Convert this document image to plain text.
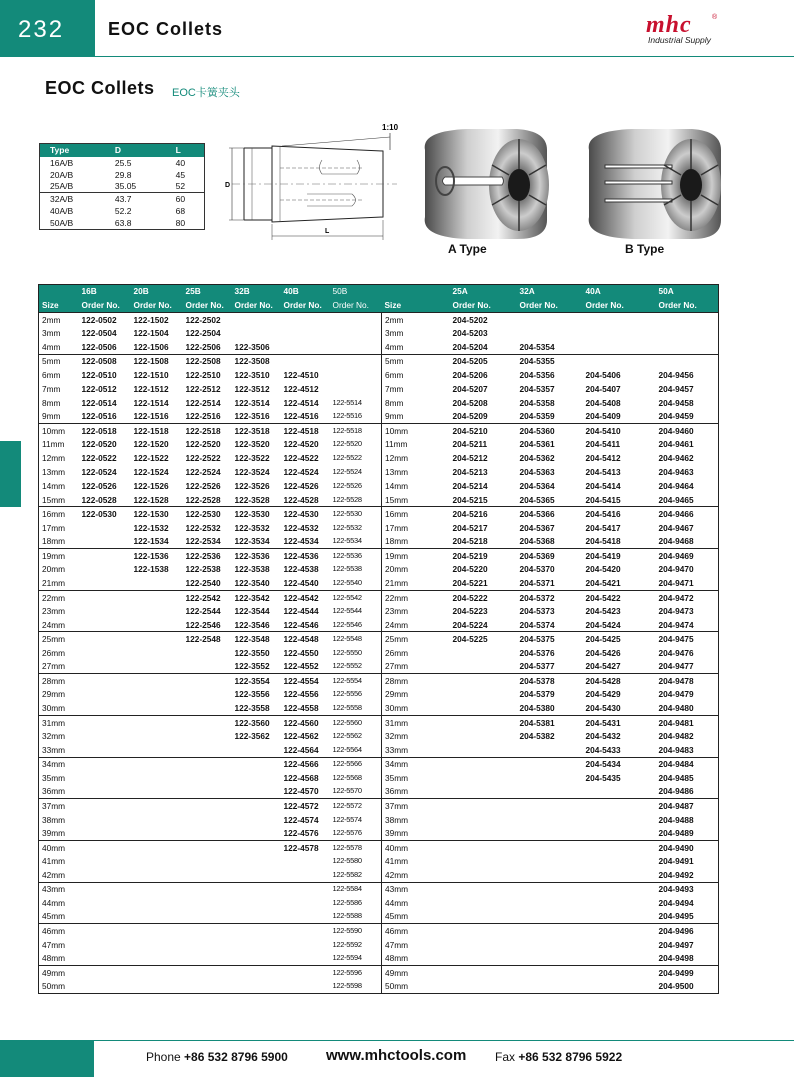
232 EOC Collets	mhc	®
Industrial Supply
EOC Collets EOC卡簧夹头
Type	D	L
16A/B	25.5	40
20A/B	29.8	45
25A/B	35.05	52
32A/B	43.7	60
40A/B	52.2	68
50A/B	63.8	80
1:10
D
L
A Type	B Type
	16B	20B	25B	32B	40B	50B		25A	32A	40A	50A
Size	Order No.	Order No.	Order No.	Order No.	Order No.	Order No.	Size	Order No.	Order No.	Order No.	Order No.
2mm	122-0502	122-1502	122-2502				2mm	204-5202			
3mm	122-0504	122-1504	122-2504				3mm	204-5203			
4mm	122-0506	122-1506	122-2506	122-3506			4mm	204-5204	204-5354		
5mm	122-0508	122-1508	122-2508	122-3508			5mm	204-5205	204-5355		
6mm	122-0510	122-1510	122-2510	122-3510	122-4510		6mm	204-5206	204-5356	204-5406	204-9456
7mm	122-0512	122-1512	122-2512	122-3512	122-4512		7mm	204-5207	204-5357	204-5407	204-9457
8mm	122-0514	122-1514	122-2514	122-3514	122-4514	122-5514	8mm	204-5208	204-5358	204-5408	204-9458
9mm	122-0516	122-1516	122-2516	122-3516	122-4516	122-5516	9mm	204-5209	204-5359	204-5409	204-9459
10mm	122-0518	122-1518	122-2518	122-3518	122-4518	122-5518	10mm	204-5210	204-5360	204-5410	204-9460
11mm	122-0520	122-1520	122-2520	122-3520	122-4520	122-5520	11mm	204-5211	204-5361	204-5411	204-9461
12mm	122-0522	122-1522	122-2522	122-3522	122-4522	122-5522	12mm	204-5212	204-5362	204-5412	204-9462
13mm	122-0524	122-1524	122-2524	122-3524	122-4524	122-5524	13mm	204-5213	204-5363	204-5413	204-9463
14mm	122-0526	122-1526	122-2526	122-3526	122-4526	122-5526	14mm	204-5214	204-5364	204-5414	204-9464
15mm	122-0528	122-1528	122-2528	122-3528	122-4528	122-5528	15mm	204-5215	204-5365	204-5415	204-9465
16mm	122-0530	122-1530	122-2530	122-3530	122-4530	122-5530	16mm	204-5216	204-5366	204-5416	204-9466
17mm		122-1532	122-2532	122-3532	122-4532	122-5532	17mm	204-5217	204-5367	204-5417	204-9467
18mm		122-1534	122-2534	122-3534	122-4534	122-5534	18mm	204-5218	204-5368	204-5418	204-9468
19mm		122-1536	122-2536	122-3536	122-4536	122-5536	19mm	204-5219	204-5369	204-5419	204-9469
20mm		122-1538	122-2538	122-3538	122-4538	122-5538	20mm	204-5220	204-5370	204-5420	204-9470
21mm			122-2540	122-3540	122-4540	122-5540	21mm	204-5221	204-5371	204-5421	204-9471
22mm			122-2542	122-3542	122-4542	122-5542	22mm	204-5222	204-5372	204-5422	204-9472
23mm			122-2544	122-3544	122-4544	122-5544	23mm	204-5223	204-5373	204-5423	204-9473
24mm			122-2546	122-3546	122-4546	122-5546	24mm	204-5224	204-5374	204-5424	204-9474
25mm			122-2548	122-3548	122-4548	122-5548	25mm	204-5225	204-5375	204-5425	204-9475
26mm				122-3550	122-4550	122-5550	26mm		204-5376	204-5426	204-9476
27mm				122-3552	122-4552	122-5552	27mm		204-5377	204-5427	204-9477
28mm				122-3554	122-4554	122-5554	28mm		204-5378	204-5428	204-9478
29mm				122-3556	122-4556	122-5556	29mm		204-5379	204-5429	204-9479
30mm				122-3558	122-4558	122-5558	30mm		204-5380	204-5430	204-9480
31mm				122-3560	122-4560	122-5560	31mm		204-5381	204-5431	204-9481
32mm				122-3562	122-4562	122-5562	32mm		204-5382	204-5432	204-9482
33mm					122-4564	122-5564	33mm			204-5433	204-9483
34mm					122-4566	122-5566	34mm			204-5434	204-9484
35mm					122-4568	122-5568	35mm			204-5435	204-9485
36mm					122-4570	122-5570	36mm				204-9486
37mm					122-4572	122-5572	37mm				204-9487
38mm					122-4574	122-5574	38mm				204-9488
39mm					122-4576	122-5576	39mm				204-9489
40mm					122-4578	122-5578	40mm				204-9490
41mm						122-5580	41mm				204-9491
42mm						122-5582	42mm				204-9492
43mm						122-5584	43mm				204-9493
44mm						122-5586	44mm				204-9494
45mm						122-5588	45mm				204-9495
46mm						122-5590	46mm				204-9496
47mm						122-5592	47mm				204-9497
48mm						122-5594	48mm				204-9498
49mm						122-5596	49mm				204-9499
50mm						122-5598	50mm				204-9500
Phone +86 532 8796 5900	www.mhctools.com Fax +86 532 8796 5922
